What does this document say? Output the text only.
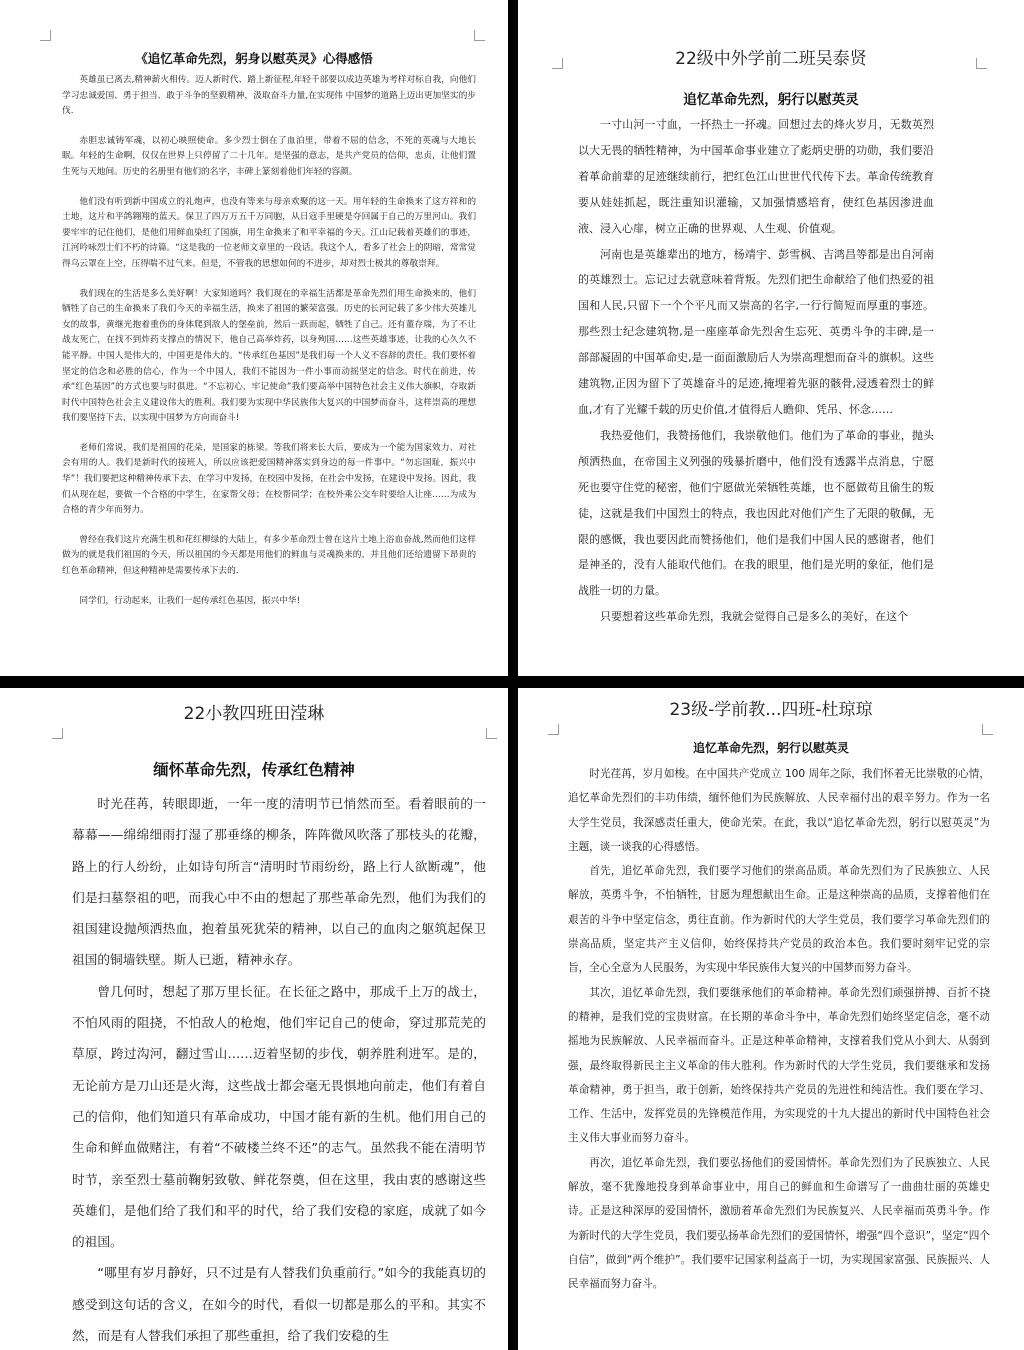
《追忆革命先烈，躬身以慰英灵》心得感悟

英雄虽已离去,精神薪火相传。迈人新时代、踏上新征程,年轻千部要以成边英雄为考样对标自我，向他们学习忠诚爱国、勇于担当、敢于斗争的坚毅精神，汲取奋斗力量,在实现伟 中国梦的道路上迈出更加坚实的步伐.

赤胆忠诚铸军魂，以初心映照使命。多少烈士倒在了血泊里，带着不屈的信念，不死的英魂与大地长眠。年轻的生命啊，仅仅在世界上只停留了二十几年。是坚强的意志，是共产党员的信仰，忠贞，让他们置生死与天地间。历史的名册里有他们的名字，丰碑上篆刻着他们年轻的容颜。

他们没有听到新中国成立的礼炮声，也没有等来与母亲欢聚的这一天。用年轻的生命换来了这方祥和的土地，这片和平鸽翱翔的蓝天。保卫了四万万五千万同胞，从日寇手里硬是夺回属于自己的万里河山。我们要牢牢的记住他们，是他们用鲜血染红了国旗，用生命换来了和平幸福的今天。江山记载着英雄们的事迹，江河吟咏烈士们不朽的诗篇。“这是我的一位老师文章里的一段话。我这个人，看多了社会上的阴暗，常常觉得乌云罩在上空，压得喘不过气来。但是，不管我的思想如何的不进步，却对烈士极其的尊敬崇拜。

我们现在的生活是多么美好啊！大家知道吗？我们现在的幸福生活都是革命先烈们用生命换来的，他们牺牲了自己的生命换来了我们今天的幸福生活，换来了祖国的繁荣富强。历史的长河记载了多少伟大英雄儿女的故事，黄继光抱着重伤的身体爬到敌人的堡垒前，然后一跃而起，牺牲了自己。还有董存瑞，为了不让战友死亡，在找不到炸药支撑点的情况下，他自己高举炸药，以身殉国……这些英雄事迹，让我的心久久不能平静。中国人是伟大的，中国更是伟大的。“传承红色基因”是我们每一个人义不容辞的责任。我们要怀着坚定的信念和必胜的信心，作为一个中国人，我们不能因为一件小事而动摇坚定的信念。时代在前进，传承“红色基因”的方式也要与时俱进。“不忘初心，牢记使命”我们要高举中国特色社会主义伟大旗帜，夺取新时代中国特色社会主义建设伟大的胜利。我们要为实现中华民族伟大复兴的中国梦而奋斗，这样崇高的理想我们要坚持下去，以实现中国梦为方向而奋斗!

老师们常说，我们是祖国的花朵，是国家的栋梁。等我们将来长大后，要成为一个能为国家效力、对社会有用的人。我们是新时代的接班人，所以应该把爱国精神落实到身边的每一件事中。“勿忘国耻，振兴中华”！我们要把这种精神传承下去，在学习中发扬，在校园中发扬，在社会中发扬，在建设中发扬。因此，我们从现在起，要做一个合格的中学生，在家帮父母；在校帮同学；在校外乘公交车时要给人让座……为成为合格的青少年而努力。

曾经在我们这片充满生机和花红柳绿的大陆上，有多少革命烈士曾在这片土地上浴血奋战,然而他们这样做为的就是我们祖国的今天，所以祖国的今天都是用他们的鲜血与灵魂换来的，并且他们还给遗留下昂贵的红色革命精神，但这种精神是需要传承下去的.

同学们，行动起来，让我们一起传承红色基因，振兴中华!

22级中外学前二班吴泰贤
追忆革命先烈，躬行以慰英灵

一寸山河一寸血，一抔热土一抔魂。回想过去的烽火岁月，无数英烈以大无畏的牺牲精神，为中国革命事业建立了彪炳史册的功勋，我们要沿着革命前辈的足迹继续前行，把红色江山世世代代传下去。革命传统教育要从娃娃抓起，既注重知识灌输，又加强情感培育，使红色基因渗进血液、浸入心扉，树立正确的世界观、人生观、价值观。

河南也是英雄辈出的地方，杨靖宇、彭雪枫、吉鸿昌等都是出自河南的英雄烈士。忘记过去就意味着背叛。先烈们把生命献给了他们热爱的祖国和人民,只留下一个个平凡而又崇高的名字,一行行简短而厚重的事迹。那些烈士纪念建筑物,是一座座革命先烈舍生忘死、英勇斗争的丰碑,是一部部凝固的中国革命史,是一面面激励后人为崇高理想而奋斗的旗帜。这些建筑物,正因为留下了英雄奋斗的足迹,掩埋着先驱的骸骨,浸透着烈士的鲜血,才有了光耀千载的历史价值,才值得后人瞻仰、凭吊、怀念……

我热爱他们，我赞扬他们，我崇敬他们。他们为了革命的事业，抛头颅洒热血，在帝国主义列强的残暴折磨中，他们没有透露半点消息，宁愿死也要守住党的秘密，他们宁愿做光荣牺牲英雄，也不愿做苟且偷生的叛徒，这就是我们中国烈士的特点，我也因此对他们产生了无限的敬佩，无限的感慨，我也要因此而赞扬他们，他们是我们中国人民的感谢者，他们是神圣的，没有人能取代他们。在我的眼里，他们是光明的象征，他们是战胜一切的力量。

只要想着这些革命先烈，我就会觉得自己是多么的美好，在这个

22小教四班田滢琳
缅怀革命先烈，传承红色精神

时光荏苒，转眼即逝，一年一度的清明节已悄然而至。看着眼前的一幕幕——绵绵细雨打湿了那垂绦的柳条，阵阵微风吹落了那枝头的花瓣，路上的行人纷纷，止如诗句所言“清明时节雨纷纷，路上行人欲断魂”，他们是扫墓祭祖的吧，而我心中不由的想起了那些革命先烈，他们为我们的祖国建设抛颅洒热血，抱着虽死犹荣的精神，以自己的血肉之躯筑起保卫祖国的铜墙铁壁。斯人已逝，精神永存。

曾几何时，想起了那万里长征。在长征之路中，那成千上万的战士，不怕风雨的阻挠，不怕敌人的枪炮，他们牢记自己的使命，穿过那荒芜的草原，跨过沟河，翻过雪山……迈着坚韧的步伐，朝养胜利进军。是的，无论前方是刀山还是火海，这些战士都会毫无畏惧地向前走，他们有着自己的信仰，他们知道只有革命成功，中国才能有新的生机。他们用自己的生命和鲜血做赌注，有着“不破楼兰终不还”的志气。虽然我不能在清明节时节，亲至烈士墓前鞠躬致敬、鲜花祭奠，但在这里，我由衷的感谢这些英雄们，是他们给了我们和平的时代，给了我们安稳的家庭，成就了如今的祖国。

“哪里有岁月静好，只不过是有人替我们负重前行。”如今的我能真切的感受到这句话的含义，在如今的时代，看似一切都是那么的平和。其实不然，而是有人替我们承担了那些重担，给了我们安稳的生

23级-学前教...四班-杜琼琼
追忆革命先烈，躬行以慰英灵

时光荏苒，岁月如梭。在中国共产党成立 100 周年之际，我们怀着无比崇敬的心情，追忆革命先烈们的丰功伟绩，缅怀他们为民族解放、人民幸福付出的艰辛努力。作为一名大学生党员，我深感责任重大，使命光荣。在此，我以“追忆革命先烈，躬行以慰英灵”为主题，谈一谈我的心得感悟。

首先，追忆革命先烈，我们要学习他们的崇高品质。革命先烈们为了民族独立、人民解放，英勇斗争，不怕牺牲，甘愿为理想献出生命。正是这种崇高的品质，支撑着他们在艰苦的斗争中坚定信念，勇往直前。作为新时代的大学生党员，我们要学习革命先烈们的崇高品质，坚定共产主义信仰，始终保持共产党员的政治本色。我们要时刻牢记党的宗旨，全心全意为人民服务，为实现中华民族伟大复兴的中国梦而努力奋斗。

其次，追忆革命先烈，我们要继承他们的革命精神。革命先烈们顽强拼搏、百折不挠的精神，是我们党的宝贵财富。在长期的革命斗争中，革命先烈们始终坚定信念，毫不动摇地为民族解放、人民幸福而奋斗。正是这种革命精神，支撑着我们党从小到大、从弱到强，最终取得新民主主义革命的伟大胜利。作为新时代的大学生党员，我们要继承和发扬革命精神，勇于担当，敢于创新，始终保持共产党员的先进性和纯洁性。我们要在学习、工作、生活中，发挥党员的先锋模范作用，为实现党的十九大提出的新时代中国特色社会主义伟大事业而努力奋斗。

再次，追忆革命先烈，我们要弘扬他们的爱国情怀。革命先烈们为了民族独立、人民解放，毫不犹豫地投身到革命事业中，用自己的鲜血和生命谱写了一曲曲壮丽的英雄史诗。正是这种深厚的爱国情怀，激励着革命先烈们为民族复兴、人民幸福而英勇斗争。作为新时代的大学生党员，我们要弘扬革命先烈们的爱国情怀，增强“四个意识”，坚定“四个自信”，做到“两个维护”。我们要牢记国家利益高于一切，为实现国家富强、民族振兴、人民幸福而努力奋斗。
